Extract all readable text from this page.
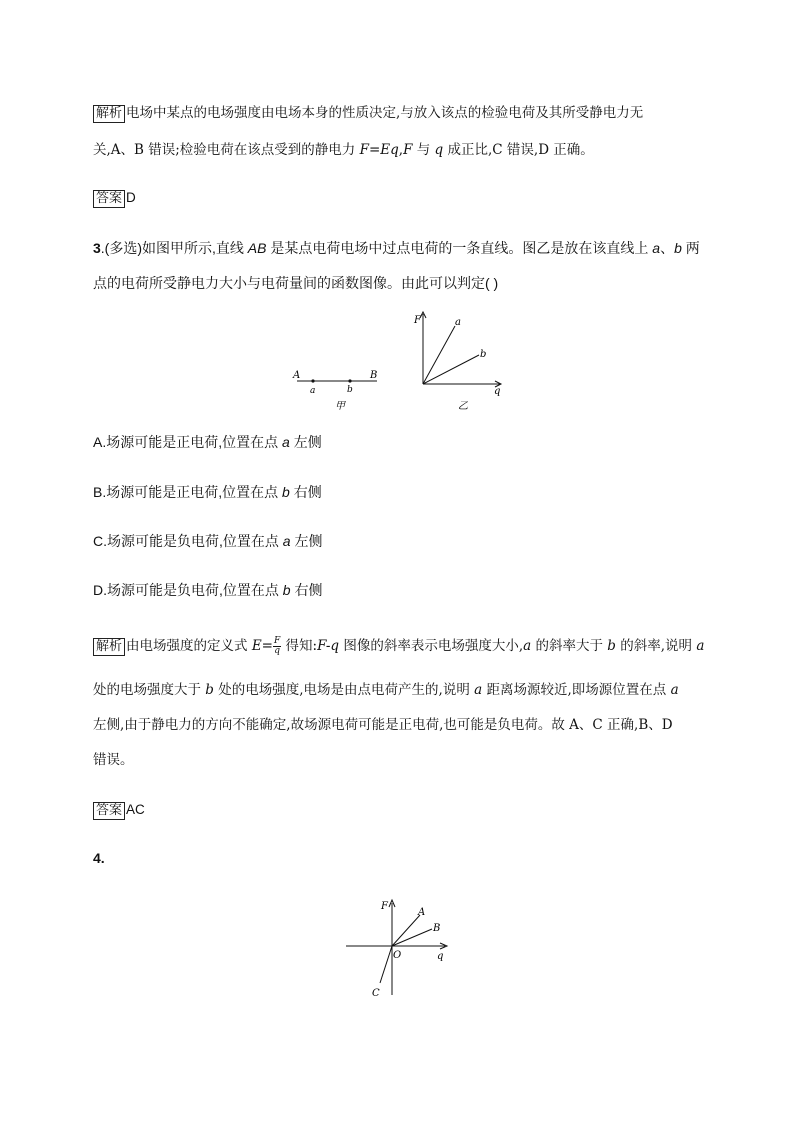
解析 电场中某点的电场强度由电场本身的性质决定,与放入该点的检验电荷及其所受静电力无
关,A、B 错误;检验电荷在该点受到的静电力 F=Eq,F 与 q 成正比,C 错误,D 正确。
答案 D
3.(多选)如图甲所示,直线 AB 是某点电荷电场中过点电荷的一条直线。图乙是放在该直线上 a、b 两
点的电荷所受静电力大小与电荷量间的函数图像。由此可以判定( )
A	B
a	b
甲
F
q
a
b
乙
A.场源可能是正电荷,位置在点 a 左侧
B.场源可能是正电荷,位置在点 b 右侧
C.场源可能是负电荷,位置在点 a 左侧
D.场源可能是负电荷,位置在点 b 右侧
解析 由电场强度的定义式 $E= \frac{F}{q}$ 得知:F-q 图像的斜率表示电场强度大小,a 的斜率大于 b 的斜率,说明 a
处的电场强度大于 b 处的电场强度,电场是由点电荷产生的,说明 a 距离场源较近,即场源位置在点 a
左侧,由于静电力的方向不能确定,故场源电荷可能是正电荷,也可能是负电荷。故 A、C 正确,B、D
错误。
答案 AC
4.
F
q
O
A
B
C
